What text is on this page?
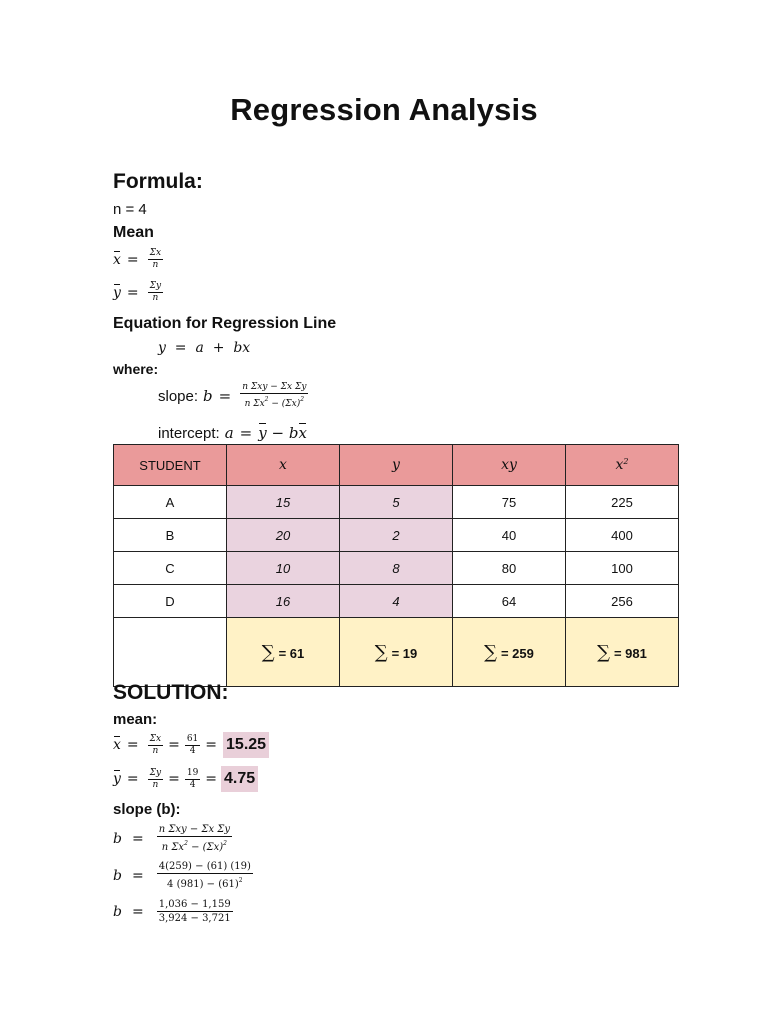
Regression Analysis
Formula:
n = 4
Mean
$x = \frac{\Sigma x}{n}$
$y = \frac{\Sigma y}{n}$
Equation for Regression Line
y  =  a  +  bx
where:
slope: $b = \frac{\text{n Σxy − Σx Σy}}{n \Sigma x^2 - (\Sigma x)^2}$
intercept: a = y − b x
STUDENT	x	y	xy	$x^2$
A	15	5	75	225
B	20	2	40	400
C	10	8	80	100
D	16	4	64	256
	∑ = 61	∑ = 19	∑ = 259	∑ = 981
SOLUTION:
mean:
$x = \frac{\Sigma x}{n} = \frac{61}{4} = 15.25$
$y = \frac{\Sigma y}{n} = \frac{19}{4} = 4.75$
slope (b):
$b = \frac{\text{n Σxy − Σx Σy}}{n \Sigma x^2 - (\Sigma x)^2}$
$b = \frac{4(259) - (61) (19)}{4 (981) - (61)^2}$
$b = \frac{1,036 - 1,159}{3,924 - 3,721}$
